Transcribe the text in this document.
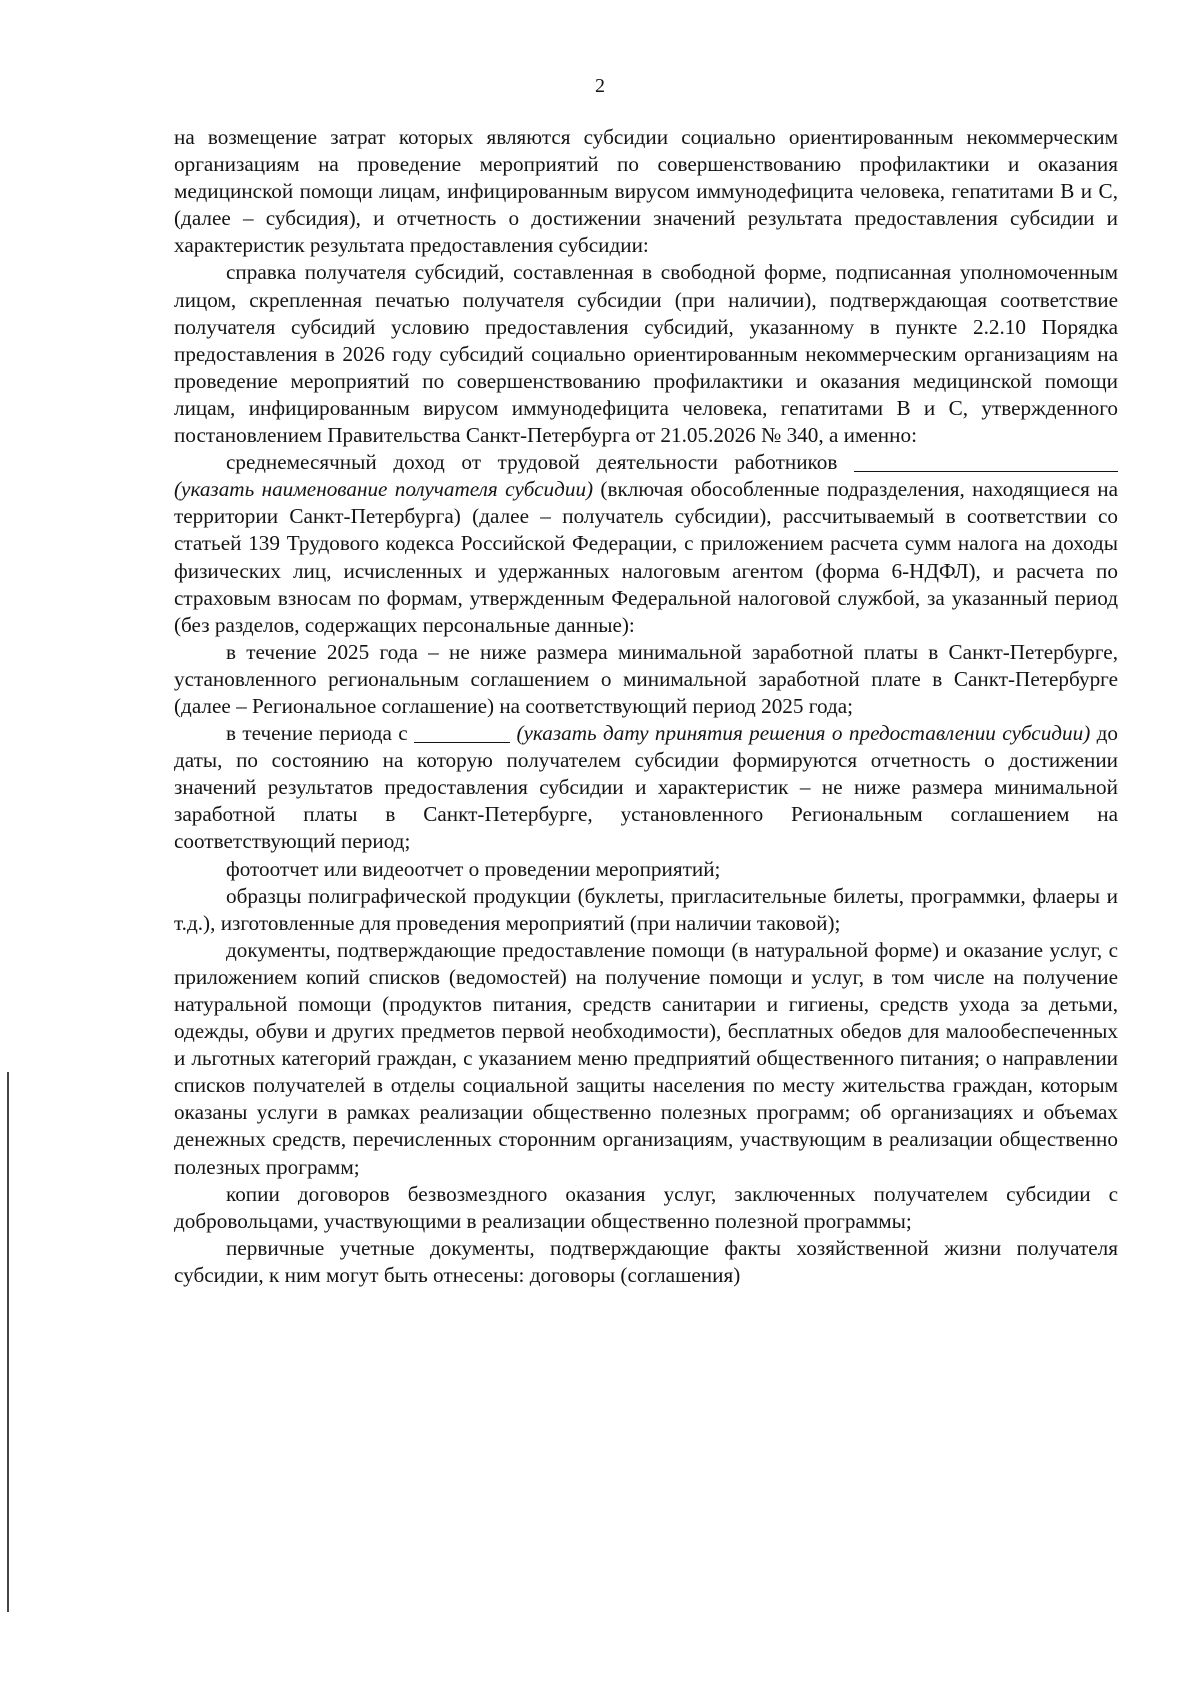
2

на возмещение затрат которых являются субсидии социально ориентированным некоммерческим организациям на проведение мероприятий по совершенствованию профилактики и оказания медицинской помощи лицам, инфицированным вирусом иммунодефицита человека, гепатитами В и С, (далее – субсидия), и отчетность о достижении значений результата предоставления субсидии и характеристик результата предоставления субсидии:

справка получателя субсидий, составленная в свободной форме, подписанная уполномоченным лицом, скрепленная печатью получателя субсидии (при наличии), подтверждающая соответствие получателя субсидий условию предоставления субсидий, указанному в пункте 2.2.10 Порядка предоставления в 2026 году субсидий социально ориентированным некоммерческим организациям на проведение мероприятий по совершенствованию профилактики и оказания медицинской помощи лицам, инфицированным вирусом иммунодефицита человека, гепатитами В и С, утвержденного постановлением Правительства Санкт-Петербурга от 21.05.2026 № 340, а именно:

среднемесячный доход от трудовой деятельности работников  (указать наименование получателя субсидии) (включая обособленные подразделения, находящиеся на территории Санкт-Петербурга) (далее – получатель субсидии), рассчитываемый в соответствии со статьей 139 Трудового кодекса Российской Федерации, с приложением расчета сумм налога на доходы физических лиц, исчисленных и удержанных налоговым агентом (форма 6-НДФЛ), и расчета по страховым взносам по формам, утвержденным Федеральной налоговой службой, за указанный период (без разделов, содержащих персональные данные):

в течение 2025 года – не ниже размера минимальной заработной платы в Санкт-Петербурге, установленного региональным соглашением о минимальной заработной плате в Санкт-Петербурге (далее – Региональное соглашение) на соответствующий период 2025 года;

в течение периода с	(указать дату принятия решения о предоставлении субсидии) до даты, по состоянию на которую получателем субсидии формируются отчетность о достижении значений результатов предоставления субсидии и характеристик – не ниже размера минимальной заработной платы в Санкт-Петербурге, установленного Региональным соглашением на соответствующий период;

фотоотчет или видеоотчет о проведении мероприятий;

образцы полиграфической продукции (буклеты, пригласительные билеты, программки, флаеры и т.д.), изготовленные для проведения мероприятий (при наличии таковой);

документы, подтверждающие предоставление помощи (в натуральной форме) и оказание услуг, с приложением копий списков (ведомостей) на получение помощи и услуг, в том числе на получение натуральной помощи (продуктов питания, средств санитарии и гигиены, средств ухода за детьми, одежды, обуви и других предметов первой необходимости), бесплатных обедов для малообеспеченных и льготных категорий граждан, с указанием меню предприятий общественного питания; о направлении списков получателей в отделы социальной защиты населения по месту жительства граждан, которым оказаны услуги в рамках реализации общественно полезных программ; об организациях и объемах денежных средств, перечисленных сторонним организациям, участвующим в реализации общественно полезных программ;

копии договоров безвозмездного оказания услуг, заключенных получателем субсидии с добровольцами, участвующими в реализации общественно полезной программы;

первичные учетные документы, подтверждающие факты хозяйственной жизни получателя субсидии, к ним могут быть отнесены: договоры (соглашения)
